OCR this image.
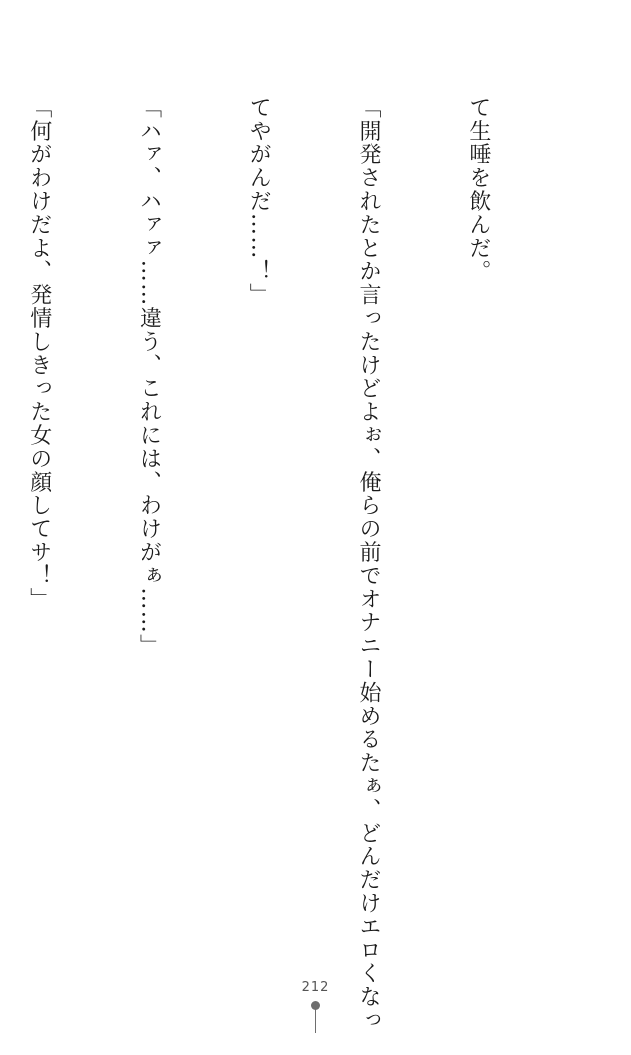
て生唾を飲んだ。

「開発されたとか言ったけどよぉ、俺らの前でオナニー始めるたぁ、どんだけエロくなっ

てやがんだ……！」

「ハァ、ハァァ……違う、これには、わけがぁ……」

「何がわけだよ、発情しきった女の顔してサ！」

212
